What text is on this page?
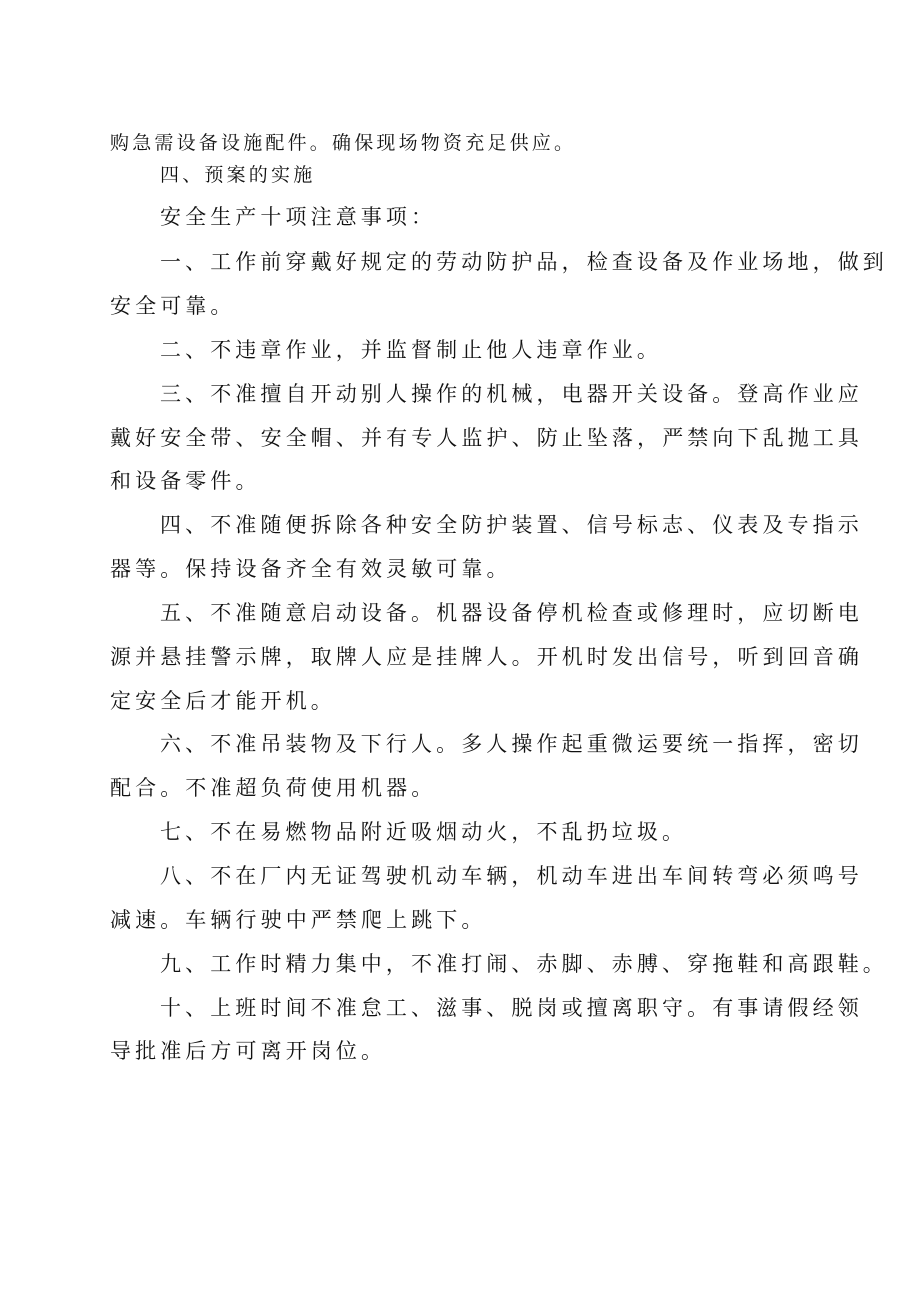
购急需设备设施配件。确保现场物资充足供应。
四、预案的实施
安全生产十项注意事项：
一、工作前穿戴好规定的劳动防护品，检查设备及作业场地，做到
安全可靠。
二、不违章作业，并监督制止他人违章作业。
三、不准擅自开动别人操作的机械，电器开关设备。登高作业应
戴好安全带、安全帽、并有专人监护、防止坠落，严禁向下乱抛工具
和设备零件。
四、不准随便拆除各种安全防护装置、信号标志、仪表及专指示
器等。保持设备齐全有效灵敏可靠。
五、不准随意启动设备。机器设备停机检查或修理时，应切断电
源并悬挂警示牌，取牌人应是挂牌人。开机时发出信号，听到回音确
定安全后才能开机。
六、不准吊装物及下行人。多人操作起重微运要统一指挥，密切
配合。不准超负荷使用机器。
七、不在易燃物品附近吸烟动火，不乱扔垃圾。
八、不在厂内无证驾驶机动车辆，机动车进出车间转弯必须鸣号
减速。车辆行驶中严禁爬上跳下。
九、工作时精力集中，不准打闹、赤脚、赤膊、穿拖鞋和高跟鞋。
十、上班时间不准怠工、滋事、脱岗或擅离职守。有事请假经领
导批准后方可离开岗位。
